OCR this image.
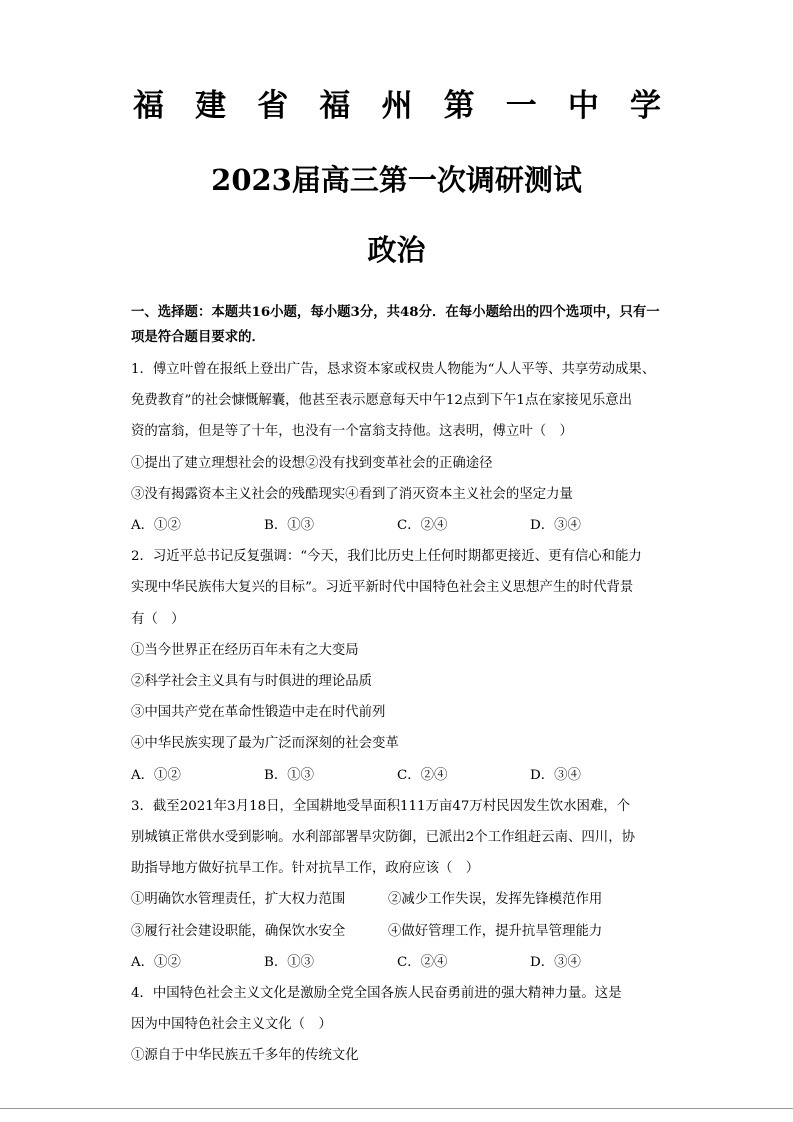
福 建 省 福 州 第 一 中 学
2023届高三第一次调研测试
政治
一、选择题：本题共16小题，每小题3分，共48分．在每小题给出的四个选项中，只有一项是符合题目要求的．

1．傅立叶曾在报纸上登出广告，恳求资本家或权贵人物能为“人人平等、共享劳动成果、

免费教育”的社会慷慨解囊，他甚至表示愿意每天中午12点到下午1点在家接见乐意出

资的富翁，但是等了十年，也没有一个富翁支持他。这表明，傅立叶（　）

①提出了建立理想社会的设想②没有找到变革社会的正确途径

③没有揭露资本主义社会的残酷现实④看到了消灭资本主义社会的坚定力量

A．①②	B．①③	C．②④	D．③④

2．习近平总书记反复强调：“今天，我们比历史上任何时期都更接近、更有信心和能力

实现中华民族伟大复兴的目标”。习近平新时代中国特色社会主义思想产生的时代背景

有（　）

①当今世界正在经历百年未有之大变局

②科学社会主义具有与时俱进的理论品质

③中国共产党在革命性锻造中走在时代前列

④中华民族实现了最为广泛而深刻的社会变革

A．①②	B．①③	C．②④	D．③④

3．截至2021年3月18日，全国耕地受旱面积111万亩47万村民因发生饮水困难，个

别城镇正常供水受到影响。水利部部署旱灾防御，已派出2个工作组赶云南、四川，协

助指导地方做好抗旱工作。针对抗旱工作，政府应该（　）

①明确饮水管理责任，扩大权力范围	②减少工作失误，发挥先锋模范作用
③履行社会建设职能，确保饮水安全	④做好管理工作，提升抗旱管理能力
A．①②	B．①③	C．②④	D．③④

4．中国特色社会主义文化是激励全党全国各族人民奋勇前进的强大精神力量。这是

因为中国特色社会主义文化（　）

①源自于中华民族五千多年的传统文化
